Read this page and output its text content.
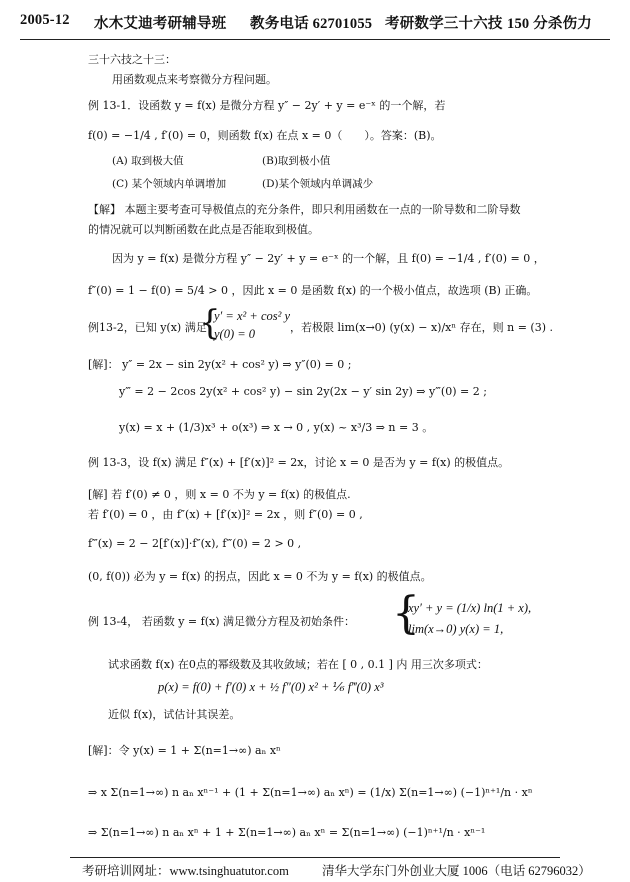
2005-12 水木艾迪考研辅导班 教务电话 62701055 考研数学三十六技 150 分杀伤力
三十六技之十三：
用函数观点来考察微分方程问题。
例 13-1．设函数 y = f(x) 是微分方程 y″ − 2y′ + y = e⁻ˣ 的一个解，若
f(0) = −1/4 , f′(0) = 0，则函数 f(x) 在点 x = 0（　　）。答案：(B)。
(A) 取到极大值	(B)取到极小值
(C) 某个领域内单调增加	(D)某个领域内单调减少
【解】 本题主要考查可导极值点的充分条件，即只利用函数在一点的一阶导数和二阶导数
的情况就可以判断函数在此点是否能取到极值。
因为 y = f(x) 是微分方程 y″ − 2y′ + y = e⁻ˣ 的一个解，且 f(0) = −1/4 , f′(0) = 0 ，
f″(0) = 1 − f(0) = 5/4 > 0 ，因此 x = 0 是函数 f(x) 的一个极小值点，故选项 (B) 正确。
例13-2，已知 y(x) 满足：
{
y′ = x² + cos² y
y(0) = 0	，若极限 lim(x→0) (y(x) − x)/xⁿ 存在，则 n = (3) .
[解]： y″ = 2x − sin 2y(x² + cos² y) ⇒ y″(0) = 0 ;
y‴ = 2 − 2cos 2y(x² + cos² y) − sin 2y(2x − y′ sin 2y) ⇒ y‴(0) = 2 ;
y(x) = x + (1/3)x³ + o(x³) ⇒ x → 0 , y(x) ~ x³/3 ⇒ n = 3 。
例 13-3，设 f(x) 满足 f″(x) + [f′(x)]² = 2x，讨论 x = 0 是否为 y = f(x) 的极值点。
[解] 若 f′(0) ≠ 0 ，则 x = 0 不为 y = f(x) 的极值点.
若 f′(0) = 0 ，由 f″(x) + [f′(x)]² = 2x ，则 f″(0) = 0 ,
f‴(x) = 2 − 2[f′(x)]·f″(x), f‴(0) = 2 > 0 ,
(0, f(0)) 必为 y = f(x) 的拐点，因此 x = 0 不为 y = f(x) 的极值点。
例 13-4， 若函数 y = f(x) 满足微分方程及初始条件： {
xy′ + y = (1/x) ln(1 + x),
lim(x→0) y(x) = 1,
试求函数 f(x) 在0点的幂级数及其收敛域；若在 [ 0 , 0.1 ] 内 用三次多项式：
p(x) = f(0) + f′(0) x + ½ f″(0) x² + ⅙ f‴(0) x³
近似 f(x)，试估计其误差。
[解]：令 y(x) = 1 + Σ(n=1→∞) aₙ xⁿ
⇒ x Σ(n=1→∞) n aₙ xⁿ⁻¹ + (1 + Σ(n=1→∞) aₙ xⁿ) = (1/x) Σ(n=1→∞) (−1)ⁿ⁺¹/n · xⁿ
⇒ Σ(n=1→∞) n aₙ xⁿ + 1 + Σ(n=1→∞) aₙ xⁿ = Σ(n=1→∞) (−1)ⁿ⁺¹/n · xⁿ⁻¹
考研培训网址：www.tsinghuatutor.com	清华大学东门外创业大厦 1006（电话 62796032）
